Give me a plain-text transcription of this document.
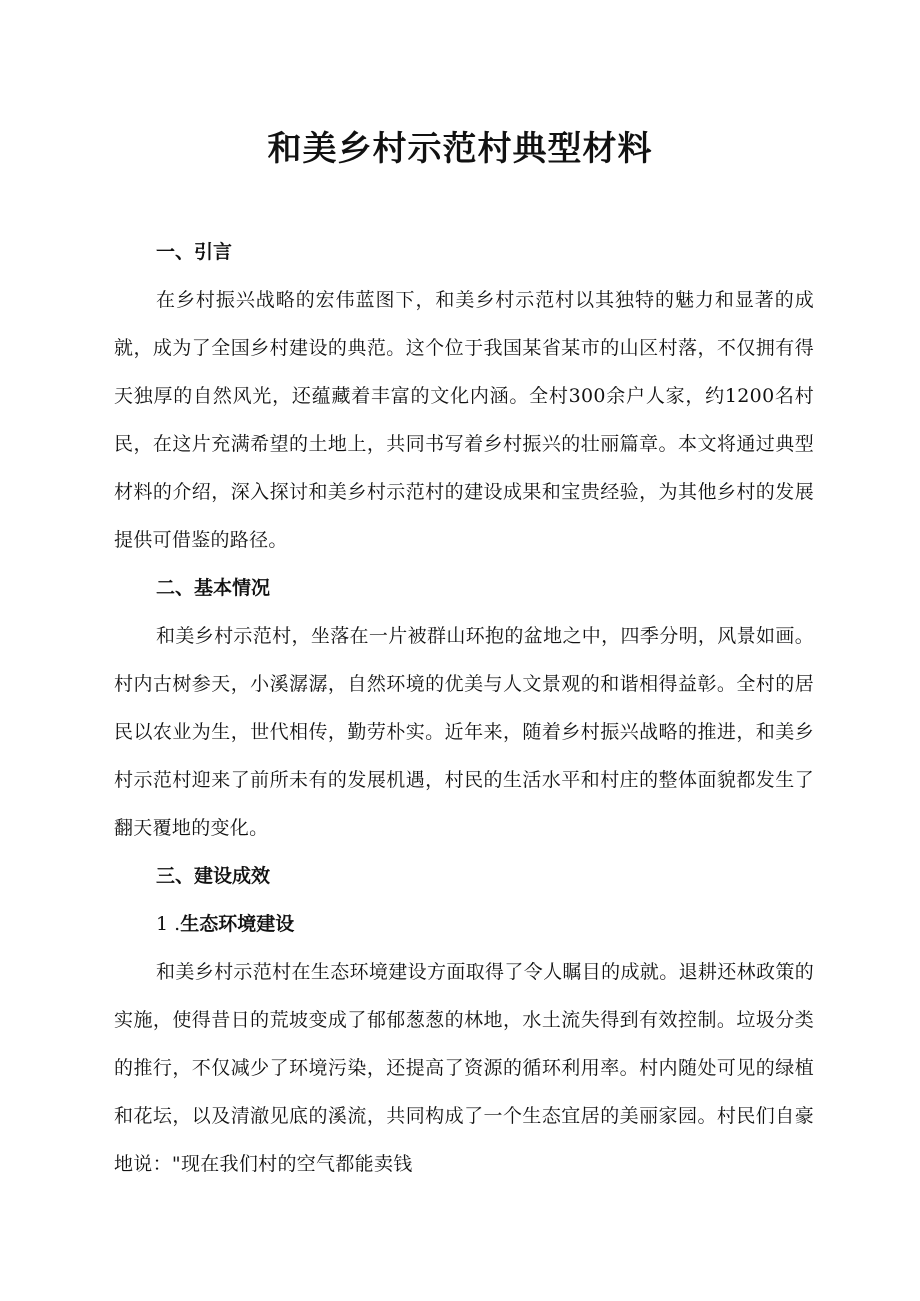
和美乡村示范村典型材料
一、引言

在乡村振兴战略的宏伟蓝图下，和美乡村示范村以其独特的魅力和显著的成就，成为了全国乡村建设的典范。这个位于我国某省某市的山区村落，不仅拥有得天独厚的自然风光，还蕴藏着丰富的文化内涵。全村300余户人家，约1200名村民，在这片充满希望的土地上，共同书写着乡村振兴的壮丽篇章。本文将通过典型材料的介绍，深入探讨和美乡村示范村的建设成果和宝贵经验，为其他乡村的发展提供可借鉴的路径。

二、基本情况

和美乡村示范村，坐落在一片被群山环抱的盆地之中，四季分明，风景如画。村内古树参天，小溪潺潺，自然环境的优美与人文景观的和谐相得益彰。全村的居民以农业为生，世代相传，勤劳朴实。近年来，随着乡村振兴战略的推进，和美乡村示范村迎来了前所未有的发展机遇，村民的生活水平和村庄的整体面貌都发生了翻天覆地的变化。

三、建设成效
1 .生态环境建设

和美乡村示范村在生态环境建设方面取得了令人瞩目的成就。退耕还林政策的实施，使得昔日的荒坡变成了郁郁葱葱的林地，水土流失得到有效控制。垃圾分类的推行，不仅减少了环境污染，还提高了资源的循环利用率。村内随处可见的绿植和花坛，以及清澈见底的溪流，共同构成了一个生态宜居的美丽家园。村民们自豪地说："现在我们村的空气都能卖钱
